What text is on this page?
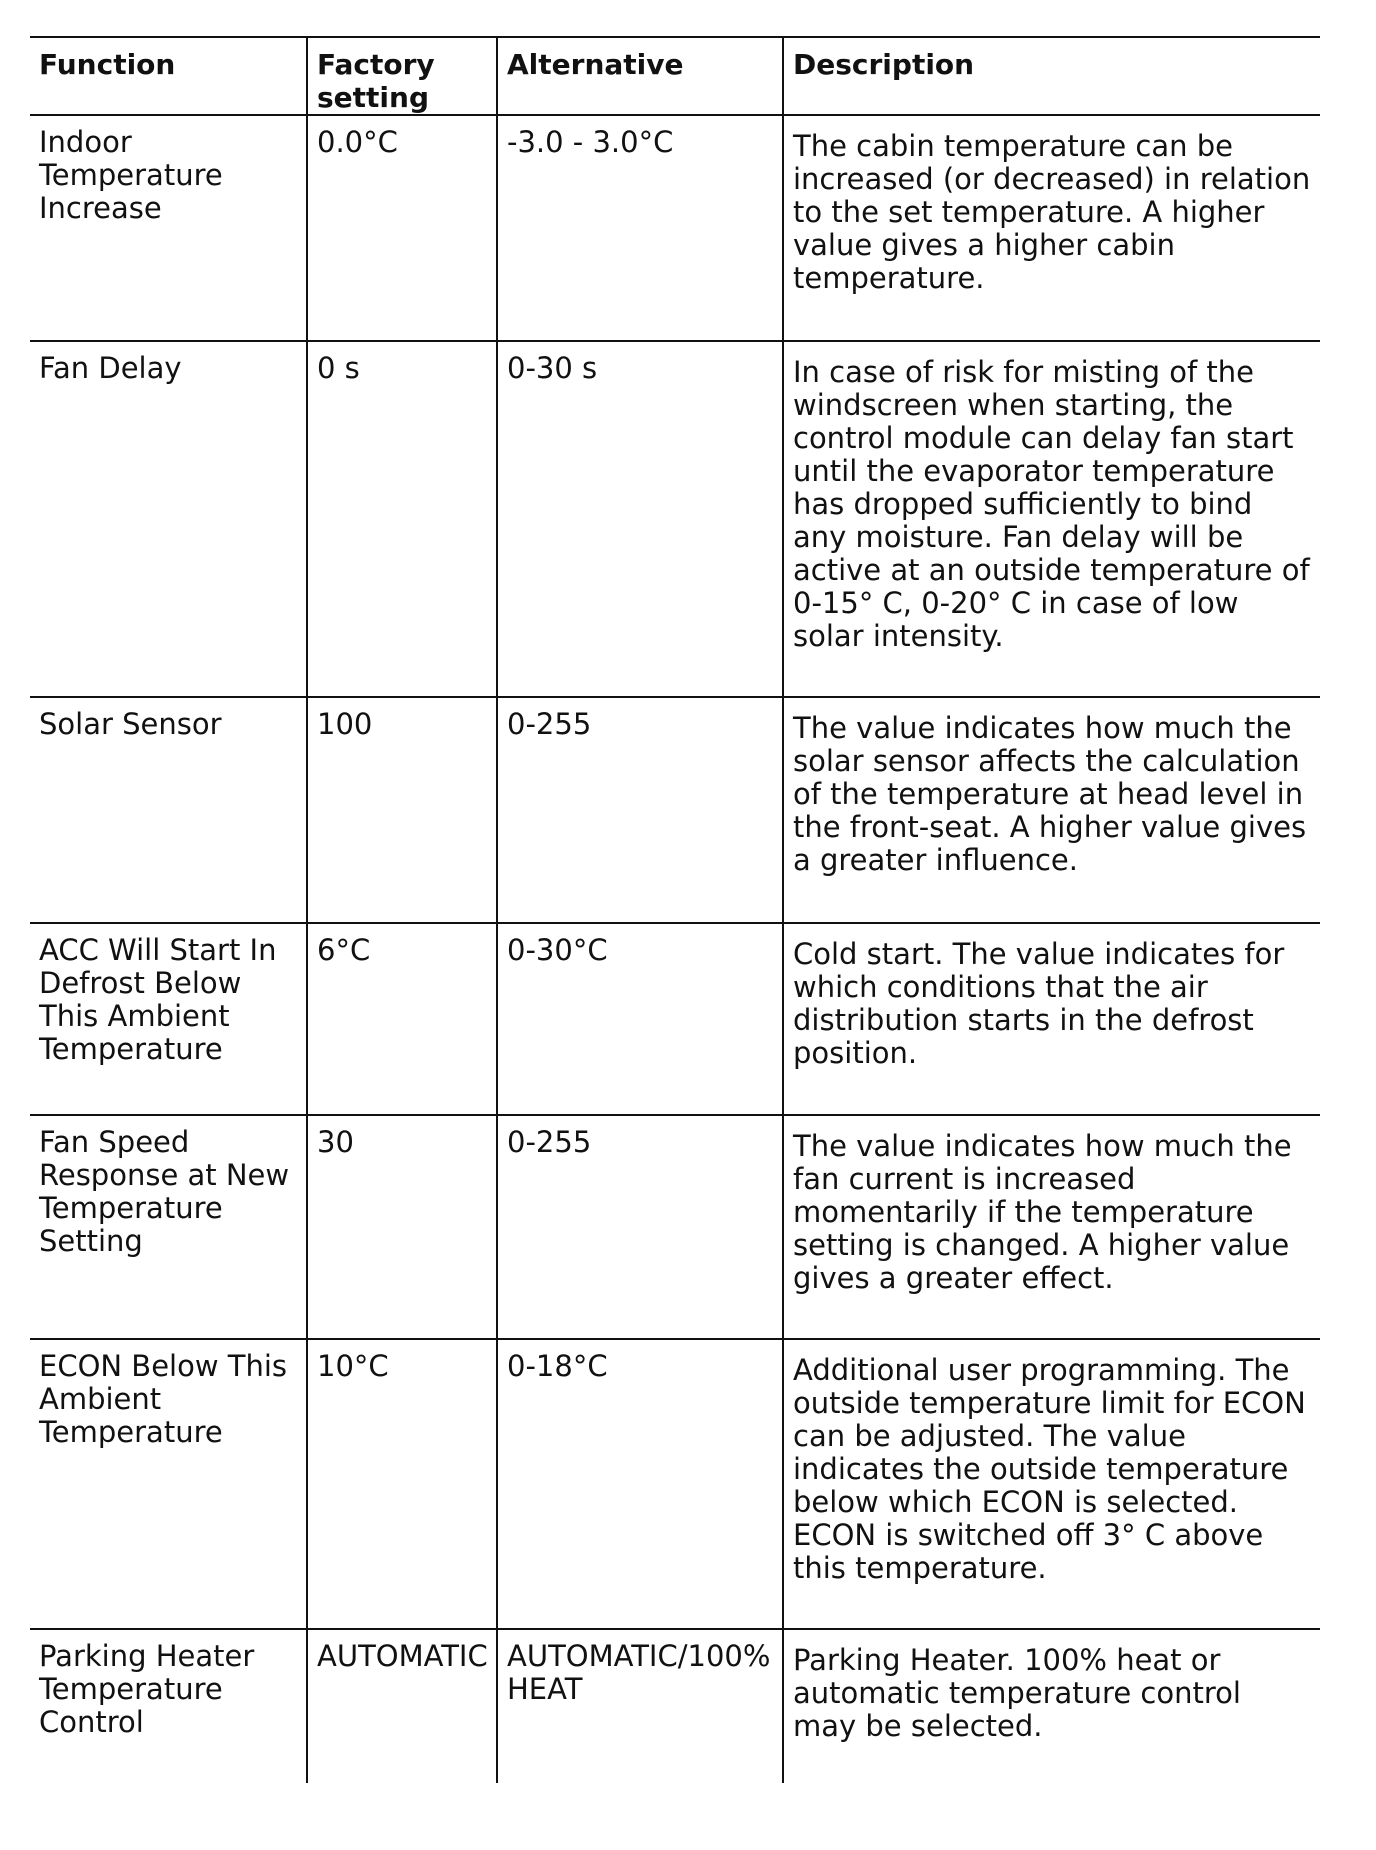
Function	Factory setting	Alternative	Description
Indoor Temperature Increase	0.0°C	-3.0 - 3.0°C	The cabin temperature can be increased (or decreased) in relation to the set temperature. A higher value gives a higher cabin temperature.
Fan Delay	0 s	0-30 s	In case of risk for misting of the windscreen when starting, the control module can delay fan start until the evaporator temperature has dropped sufficiently to bind any moisture. Fan delay will be active at an outside temperature of 0-15° C, 0-20° C in case of low solar intensity.
Solar Sensor	100	0-255	The value indicates how much the solar sensor affects the calculation of the temperature at head level in the front-seat. A higher value gives a greater influence.
ACC Will Start In Defrost Below This Ambient Temperature	6°C	0-30°C	Cold start. The value indicates for which conditions that the air distribution starts in the defrost position.
Fan Speed Response at New Temperature Setting	30	0-255	The value indicates how much the fan current is increased momentarily if the temperature setting is changed. A higher value gives a greater effect.
ECON Below This Ambient Temperature	10°C	0-18°C	Additional user programming. The outside temperature limit for ECON can be adjusted. The value indicates the outside temperature below which ECON is selected. ECON is switched off 3° C above this temperature.
Parking Heater Temperature Control	AUTOMATIC	AUTOMATIC/100% HEAT	Parking Heater. 100% heat or automatic temperature control may be selected.
